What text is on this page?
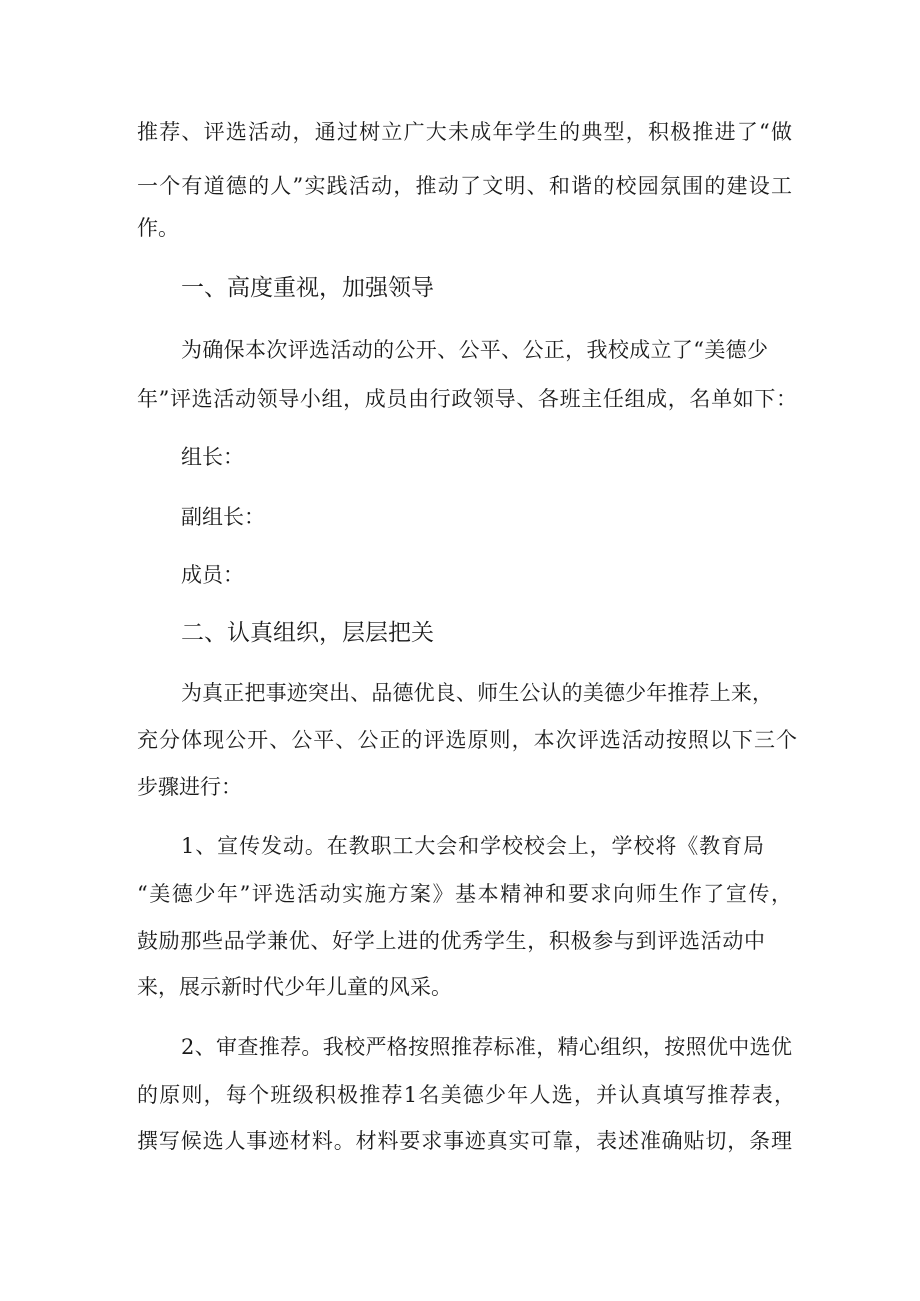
推荐、评选活动，通过树立广大未成年学生的典型，积极推进了“做
一个有道德的人”实践活动，推动了文明、和谐的校园氛围的建设工
作。
一、高度重视，加强领导
为确保本次评选活动的公开、公平、公正，我校成立了“美德少
年”评选活动领导小组，成员由行政领导、各班主任组成，名单如下：
组长：
副组长：
成员：
二、认真组织，层层把关
为真正把事迹突出、品德优良、师生公认的美德少年推荐上来，
充分体现公开、公平、公正的评选原则，本次评选活动按照以下三个
步骤进行：
1、宣传发动。在教职工大会和学校校会上，学校将《教育局
“美德少年”评选活动实施方案》基本精神和要求向师生作了宣传，
鼓励那些品学兼优、好学上进的优秀学生，积极参与到评选活动中
来，展示新时代少年儿童的风采。
2、审查推荐。我校严格按照推荐标准，精心组织，按照优中选优
的原则，每个班级积极推荐1名美德少年人选，并认真填写推荐表，
撰写候选人事迹材料。材料要求事迹真实可靠，表述准确贴切，条理
